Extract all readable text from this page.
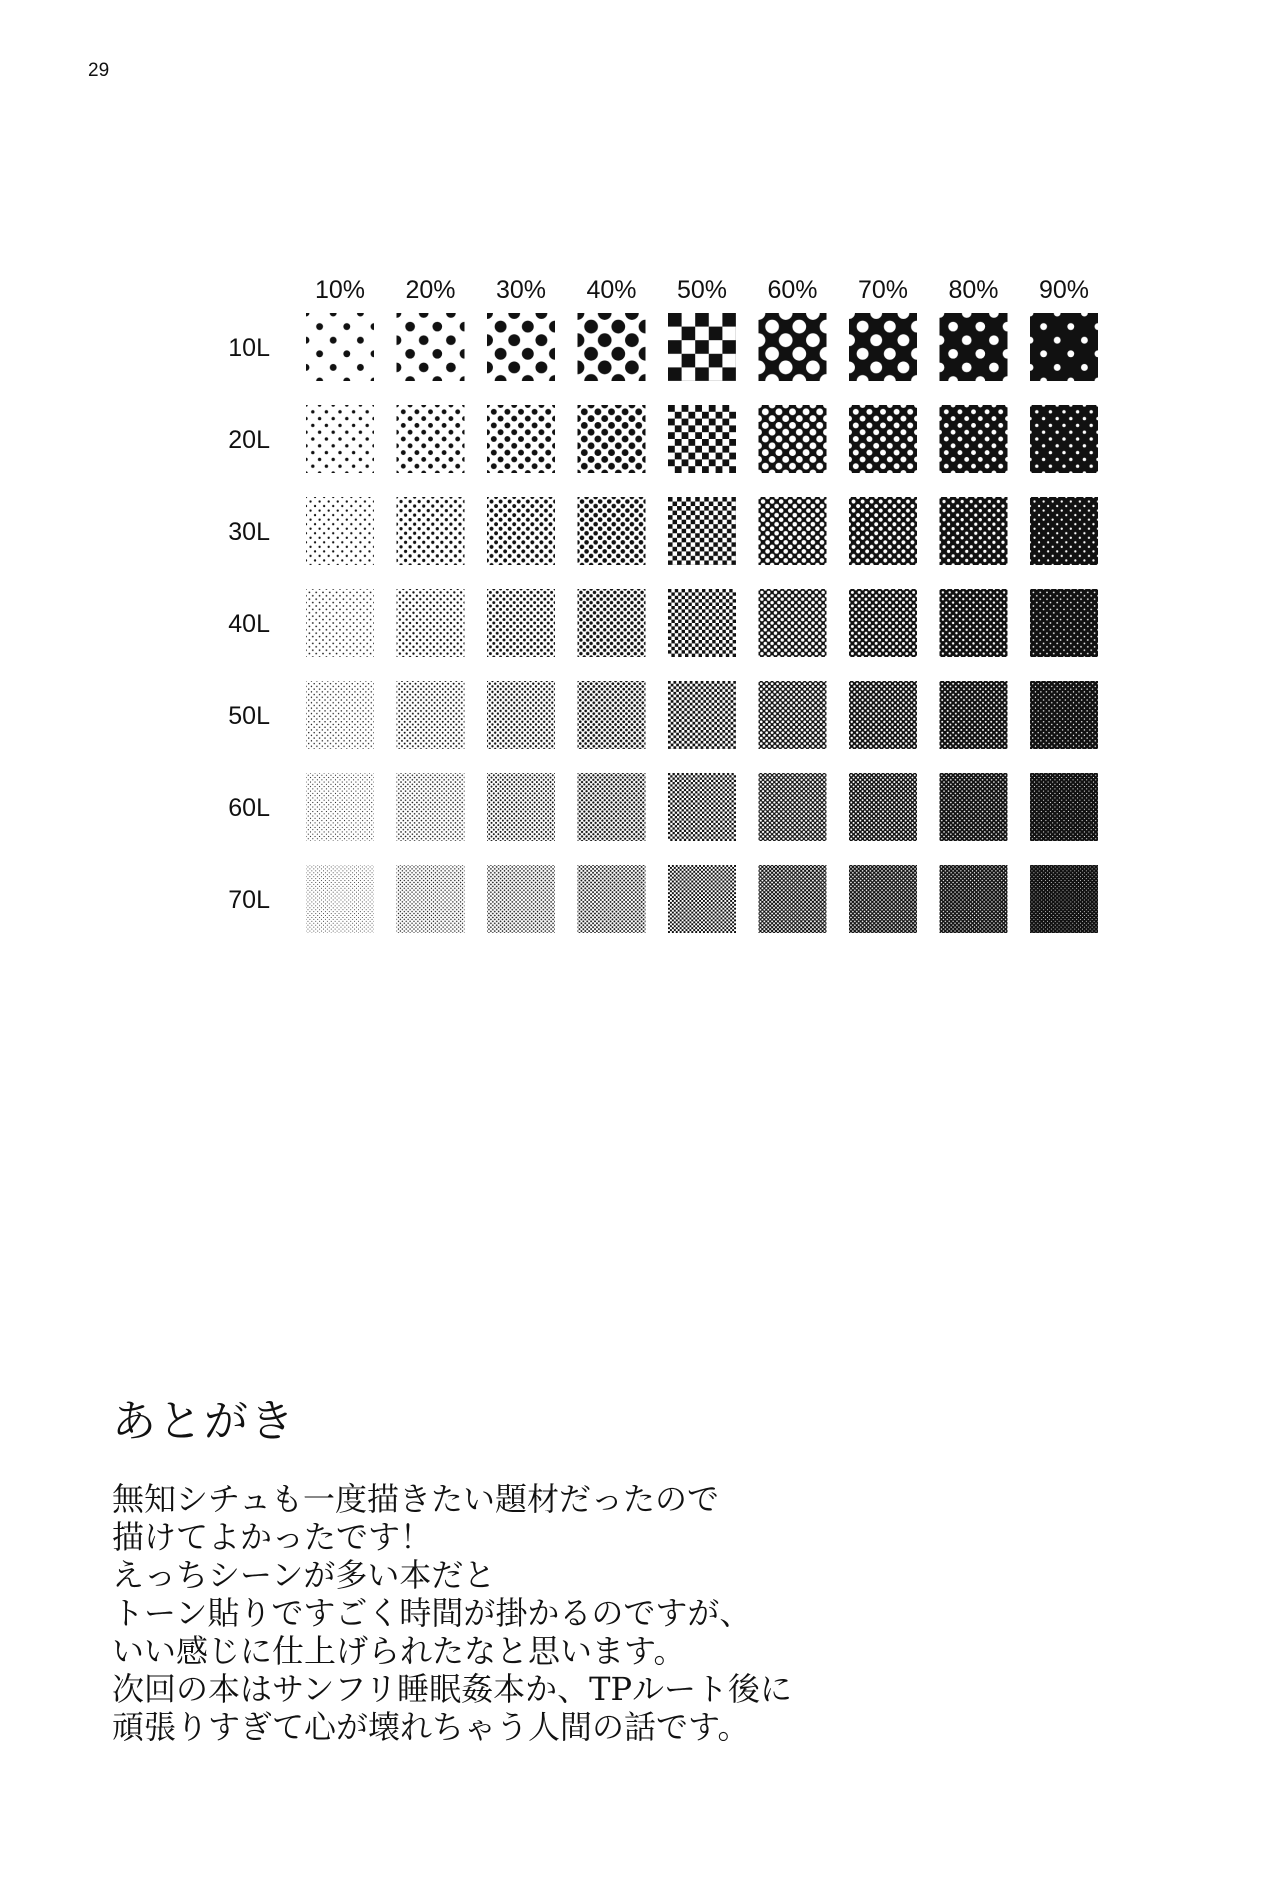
29
10% 20% 30% 40% 50% 60% 70% 80% 90%
10L
20L
30L
40L
50L
60L
70L
あとがき
無知シチュも一度描きたい題材だったので
描けてよかったです！
えっちシーンが多い本だと
トーン貼りですごく時間が掛かるのですが、
いい感じに仕上げられたなと思います。
次回の本はサンフリ睡眠姦本か、TPルート後に
頑張りすぎて心が壊れちゃう人間の話です。
